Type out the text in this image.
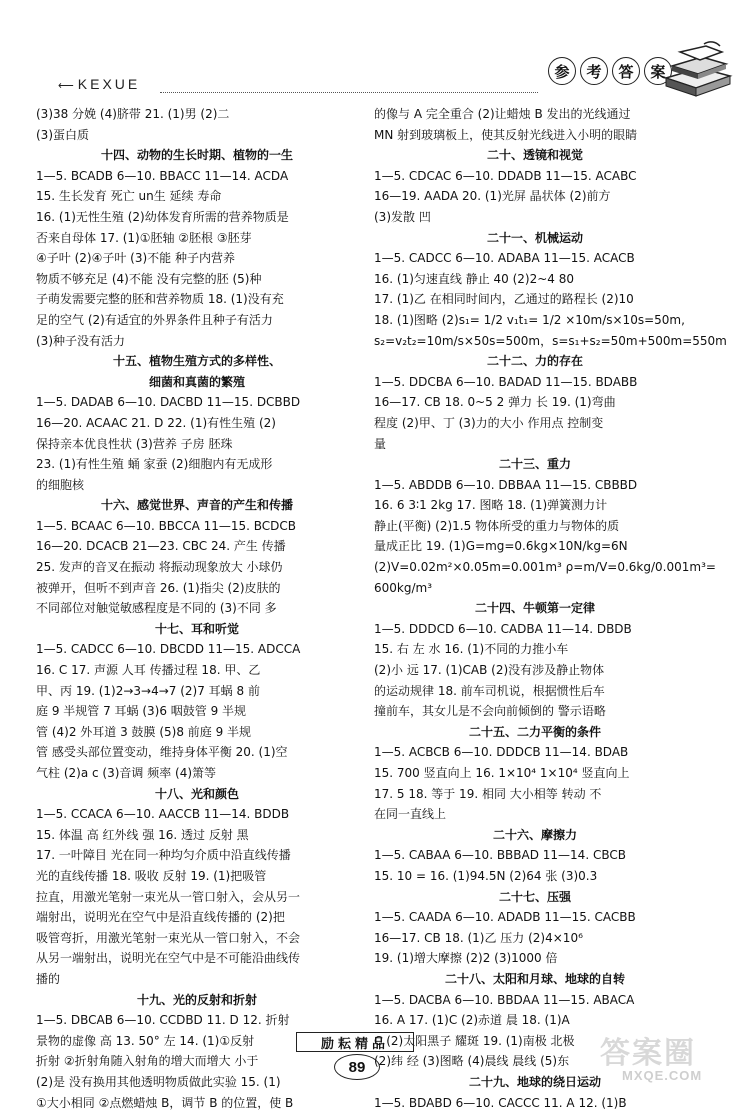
⟵ KEXUE
参	考	答	案

(3)38 分娩 (4)脐带 21. (1)男 (2)二

(3)蛋白质

十四、动物的生长时期、植物的一生

1—5. BCADB 6—10. BBACC 11—14. ACDA

15. 生长发育 死亡 un生 延续 寿命

16. (1)无性生殖 (2)幼体发育所需的营养物质是

否来自母体 17. (1)①胚轴 ②胚根 ③胚芽

④子叶 (2)④子叶 (3)不能 种子内营养

物质不够充足 (4)不能 没有完整的胚 (5)种

子萌发需要完整的胚和营养物质 18. (1)没有充

足的空气 (2)有适宜的外界条件且种子有活力

(3)种子没有活力

十五、植物生殖方式的多样性、

细菌和真菌的繁殖

1—5. DADAB 6—10. DACBD 11—15. DCBBD

16—20. ACAAC 21. D 22. (1)有性生殖 (2)

保持亲本优良性状 (3)营养 子房 胚珠

23. (1)有性生殖 蛹 家蚕 (2)细胞内有无成形

的细胞核

十六、感觉世界、声音的产生和传播

1—5. BCAAC 6—10. BBCCA 11—15. BCDCB

16—20. DCACB 21—23. CBC 24. 产生 传播

25. 发声的音叉在振动 将振动现象放大 小球仍

被弹开，但听不到声音 26. (1)指尖 (2)皮肤的

不同部位对触觉敏感程度是不同的 (3)不同 多

十七、耳和听觉

1—5. CADCC 6—10. DBCDD 11—15. ADCCA

16. C 17. 声源 人耳 传播过程 18. 甲、乙

甲、丙 19. (1)2→3→4→7 (2)7 耳蜗 8 前

庭 9 半规管 7 耳蜗 (3)6 咽鼓管 9 半规

管 (4)2 外耳道 3 鼓膜 (5)8 前庭 9 半规

管 感受头部位置变动，维持身体平衡 20. (1)空

气柱 (2)a c (3)音调 频率 (4)箫等

十八、光和颜色

1—5. CCACA 6—10. AACCB 11—14. BDDB

15. 体温 高 红外线 强 16. 透过 反射 黑

17. 一叶障目 光在同一种均匀介质中沿直线传播

光的直线传播 18. 吸收 反射 19. (1)把吸管

拉直，用激光笔射一束光从一管口射入，会从另一

端射出，说明光在空气中是沿直线传播的 (2)把

吸管弯折，用激光笔射一束光从一管口射入，不会

从另一端射出，说明光在空气中是不可能沿曲线传

播的

十九、光的反射和折射

1—5. DBCAB 6—10. CCDBD 11. D 12. 折射

景物的虚像 高 13. 50° 左 14. (1)①反射

折射 ②折射角随入射角的增大而增大 小于

(2)是 没有换用其他透明物质做此实验 15. (1)

①大小相同 ②点燃蜡烛 B，调节 B 的位置，使 B

的像与 A 完全重合 (2)让蜡烛 B 发出的光线通过

MN 射到玻璃板上，使其反射光线进入小明的眼睛

二十、透镜和视觉

1—5. CDCAC 6—10. DDADB 11—15. ACABC

16—19. AADA 20. (1)光屏 晶状体 (2)前方

(3)发散 凹

二十一、机械运动

1—5. CADCC 6—10. ADABA 11—15. ACACB

16. (1)匀速直线 静止 40 (2)2~4 80

17. (1)乙 在相同时间内，乙通过的路程长 (2)10

18. (1)图略 (2)s₁= 1/2 v₁t₁= 1/2 ×10m/s×10s=50m,

s₂=v₂t₂=10m/s×50s=500m，s=s₁+s₂=50m+500m=550m

二十二、力的存在

1—5. DDCBA 6—10. BADAD 11—15. BDABB

16—17. CB 18. 0~5 2 弹力 长 19. (1)弯曲

程度 (2)甲、丁 (3)力的大小 作用点 控制变

量

二十三、重力

1—5. ABDDB 6—10. DBBAA 11—15. CBBBD

16. 6 3∶1 2kg 17. 图略 18. (1)弹簧测力计

静止(平衡) (2)1.5 物体所受的重力与物体的质

量成正比 19. (1)G=mg=0.6kg×10N/kg=6N

(2)V=0.02m²×0.05m=0.001m³ ρ=m/V=0.6kg/0.001m³=

600kg/m³

二十四、牛顿第一定律

1—5. DDDCD 6—10. CADBA 11—14. DBDB

15. 右 左 水 16. (1)不同的力推小车

(2)小 远 17. (1)CAB (2)没有涉及静止物体

的运动规律 18. 前车司机说，根据惯性后车

撞前车，其女儿是不会向前倾倒的 警示语略

二十五、二力平衡的条件

1—5. ACBCB 6—10. DDDCB 11—14. BDAB

15. 700 竖直向上 16. 1×10⁴ 1×10⁴ 竖直向上

17. 5 18. 等于 19. 相同 大小相等 转动 不

在同一直线上

二十六、摩擦力

1—5. CABAA 6—10. BBBAD 11—14. CBCB

15. 10 = 16. (1)94.5N (2)64 张 (3)0.3

二十七、压强

1—5. CAADA 6—10. ADADB 11—15. CACBB

16—17. CB 18. (1)乙 压力 (2)4×10⁶

19. (1)增大摩擦 (2)2 (3)1000 倍

二十八、太阳和月球、地球的自转

1—5. DACBA 6—10. BBDAA 11—15. ABACA

16. A 17. (1)C (2)赤道 晨 18. (1)A

C (2)太阳黑子 耀斑 19. (1)南极 北极

(2)纬 经 (3)图略 (4)晨线 晨线 (5)东

二十九、地球的绕日运动

1—5. BDABD 6—10. CACCC 11. A 12. (1)B

励耘精品
89	答案圈
MXQE.COM
